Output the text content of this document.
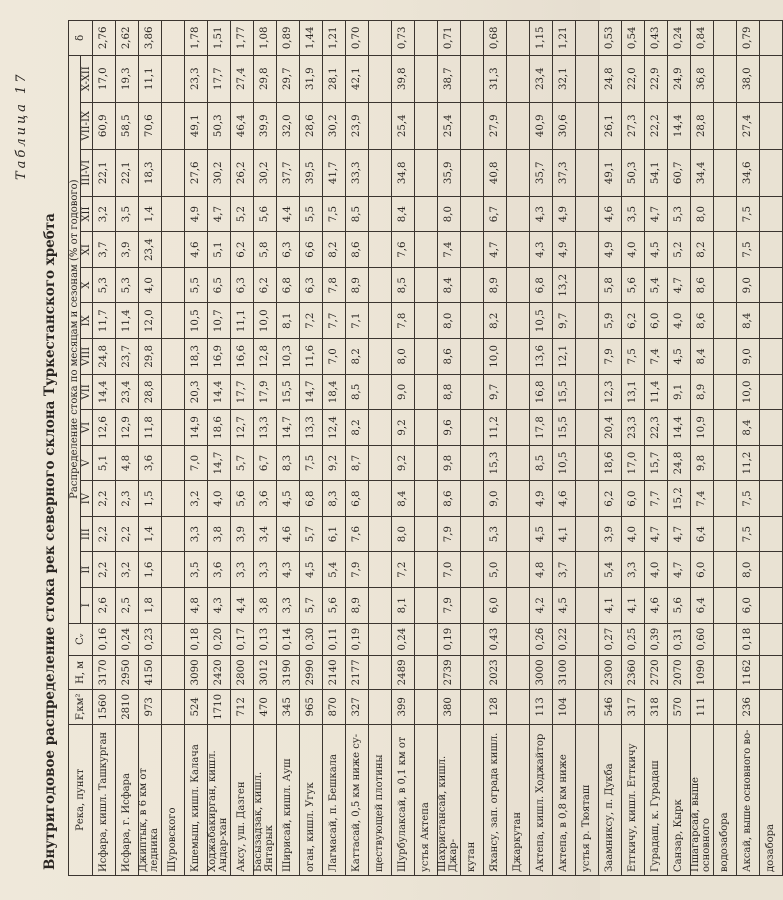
Таблица 17
Внутригодовое распределение стока рек северного склона Туркестанского хребта Река, пункт	F,км²	H, м	Cᵥ	Распределение стока по месяцам и сезонам (% от годового)															δ
				I	II	III	IV	V	VI	VII	VIII	IX	X	XI	XII	III-VI	VII-IX	X-XII	
Исфара, кишл. Ташкурган	1560	3170	0,16	2,6	2,2	2,2	2,2	5,1	12,6	14,4	24,8	11,7	5,3	3,7	3,2	22,1	60,9	17,0	2,76
Исфара, г. Исфара	2810	2950	0,24	2,5	3,2	2,2	2,3	4,8	12,9	23,4	23,7	11,4	5,3	3,9	3,5	22,1	58,5	19,3	2,62
Джиптык, в 6 км от ледника	973	4150	0,23	1,8	1,6	1,4	1,5	3,6	11,8	28,8	29,8	12,0	4,0	23,4	1,4	18,3	70,6	11,1	3,86
Шуровского																			
Кшемыш, кишл. Калача	524	3090	0,18	4,8	3,5	3,3	3,2	7,0	14,9	20,3	18,3	10,5	5,5	4,6	4,9	27,6	49,1	23,3	1,78
Ходжабакирган, кишл. Андар-хан	1710	2420	0,20	4,3	3,6	3,8	4,0	14,7	18,6	14,4	16,9	10,7	6,5	5,1	4,7	30,2	50,3	17,7	1,51
Аксу, уш. Дазген	712	2800	0,17	4,4	3,3	3,9	5,6	5,7	12,7	17,7	16,6	11,1	6,3	6,2	5,2	26,2	46,4	27,4	1,77
Басызадзак, кишл. Янтарык	470	3012	0,13	3,8	3,3	3,4	3,6	6,7	13,3	17,9	12,8	10,0	6,2	5,8	5,6	30,2	39,9	29,8	1,08
Ширисай, кишл. Ауш	345	3190	0,14	3,3	4,3	4,6	4,5	8,3	14,7	15,5	10,3	8,1	6,8	6,3	4,4	37,7	32,0	29,7	0,89
оган, кишл. Угук	965	2990	0,30	5,7	4,5	5,7	6,8	7,5	13,3	14,7	11,6	7,2	6,3	6,6	5,5	39,5	28,6	31,9	1,44
Лагмасай, п. Бешкала	870	2140	0,11	5,6	5,4	6,1	8,3	9,2	12,4	18,4	7,0	7,7	7,8	8,2	7,5	41,7	30,2	28,1	1,21
Каттасай, 0,5 км ниже су-	327	2177	0,19	8,9	7,9	7,6	6,8	8,7	8,2	8,5	8,2	7,1	8,9	8,6	8,5	33,3	23,9	42,1	0,70
ществующей плотины																			
Шурбулаксай, в 0,1 км от	399	2489	0,24	8,1	7,2	8,0	8,4	9,2	9,2	9,0	8,0	7,8	8,5	7,6	8,4	34,8	25,4	39,8	0,73
устья Актепа																			
Шахристансай, кишл. Джар-	380	2739	0,19	7,9	7,0	7,9	8,6	9,8	9,6	8,8	8,6	8,0	8,4	7,4	8,0	35,9	25,4	38,7	0,71
кутан																			
Яхансу, зап. ограда кишл.	128	2023	0,43	6,0	5,0	5,3	9,0	15,3	11,2	9,7	10,0	8,2	8,9	4,7	6,7	40,8	27,9	31,3	0,68
Джаркутан																			
Актепа, кишл. Ходжайтор	113	3000	0,26	4,2	4,8	4,5	4,9	8,5	17,8	16,8	13,6	10,5	6,8	4,3	4,3	35,7	40,9	23,4	1,15
Актепа, в 0,8 км ниже	104	3100	0,22	4,5	3,7	4,1	4,6	10,5	15,5	15,5	12,1	9,7	13,2	4,9	4,9	37,3	30,6	32,1	1,21
устья р. Тюяташ																			
Заамниксу, п. Дукба	546	2300	0,27	4,1	5,4	3,9	6,2	18,6	20,4	12,3	7,9	5,9	5,8	4,9	4,6	49,1	26,1	24,8	0,53
Етгкичу, кишл. Етткичу	317	2360	0,25	4,1	3,3	4,0	6,0	17,0	23,3	13,1	7,5	6,2	5,6	4,0	3,5	50,3	27,3	22,0	0,54
Гурадаш, к. Гурадаш	318	2720	0,39	4,6	4,0	4,7	7,7	15,7	22,3	11,4	7,4	6,0	5,4	4,5	4,7	54,1	22,2	22,9	0,43
Санзар, Кырк	570	2070	0,31	5,6	4,7	4,7	15,2	24,8	14,4	9,1	4,5	4,0	4,7	5,2	5,3	60,7	14,4	24,9	0,24
Пшагарсай, выше основного	111	1090	0,60	6,4	6,0	6,4	7,4	9,8	10,9	8,9	8,4	8,6	8,6	8,2	8,0	34,4	28,8	36,8	0,84
водозабора																			
Аксай, выше основного во-	236	1162	0,18	6,0	8,0	7,5	7,5	11,2	8,4	10,0	9,0	8,4	9,0	7,5	7,5	34,6	27,4	38,0	0,79
дозабора																			
